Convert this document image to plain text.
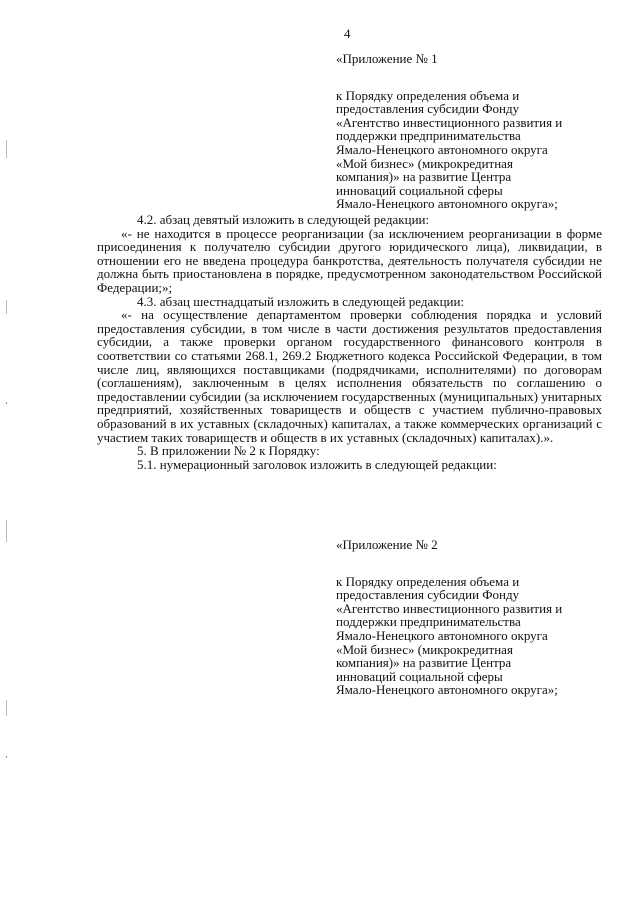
4
«Приложение № 1
к Порядку определения объема и
предоставления субсидии Фонду
«Агентство инвестиционного развития и
поддержки предпринимательства
Ямало-Ненецкого автономного округа
«Мой бизнес» (микрокредитная
компания)» на развитие Центра
инноваций социальной сферы
Ямало-Ненецкого автономного округа»;

4.2. абзац девятый изложить в следующей редакции:

«- не находится в процессе реорганизации (за исключением реорганизации в форме присоединения к получателю субсидии другого юридического лица), ликвидации, в отношении его не введена процедура банкротства, деятельность получателя субсидии не должна быть приостановлена в порядке, предусмотренном законодательством Российской Федерации;»;

4.3. абзац шестнадцатый изложить в следующей редакции:

«- на осуществление департаментом проверки соблюдения порядка и условий предоставления субсидии, в том числе в части достижения результатов предоставления субсидии, а также проверки органом государственного финансового контроля в соответствии со статьями 268.1, 269.2 Бюджетного кодекса Российской Федерации, в том числе лиц, являющихся поставщиками (подрядчиками, исполнителями) по договорам (соглашениям), заключенным в целях исполнения обязательств по соглашению о предоставлении субсидии (за исключением государственных (муниципальных) унитарных предприятий, хозяйственных товариществ и обществ с участием публично-правовых образований в их уставных (складочных) капиталах, а также коммерческих организаций с участием таких товариществ и обществ в их уставных (складочных) капиталах).».

5. В приложении № 2 к Порядку:

5.1. нумерационный заголовок изложить в следующей редакции:

«Приложение № 2
к Порядку определения объема и
предоставления субсидии Фонду
«Агентство инвестиционного развития и
поддержки предпринимательства
Ямало-Ненецкого автономного округа
«Мой бизнес» (микрокредитная
компания)» на развитие Центра
инноваций социальной сферы
Ямало-Ненецкого автономного округа»;
